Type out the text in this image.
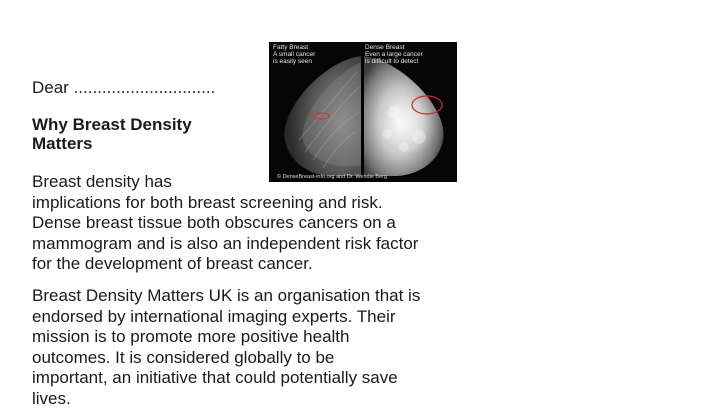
Dear ..............................

Why Breast Density Matters

Breast density has
implications for both breast screening and risk.
Dense breast tissue both obscures cancers on a
mammogram and is also an independent risk factor
for the development of breast cancer.

Breast Density Matters UK is an organisation that is
endorsed by international imaging experts. Their
mission is to promote more positive health
outcomes. It is considered globally to be
important, an initiative that could potentially save
lives.

Fatty Breast
A small cancer
is easily seen
Dense Breast
Even a large cancer
is difficult to detect
© DenseBreast-info.org and Dr. Wendie Berg
